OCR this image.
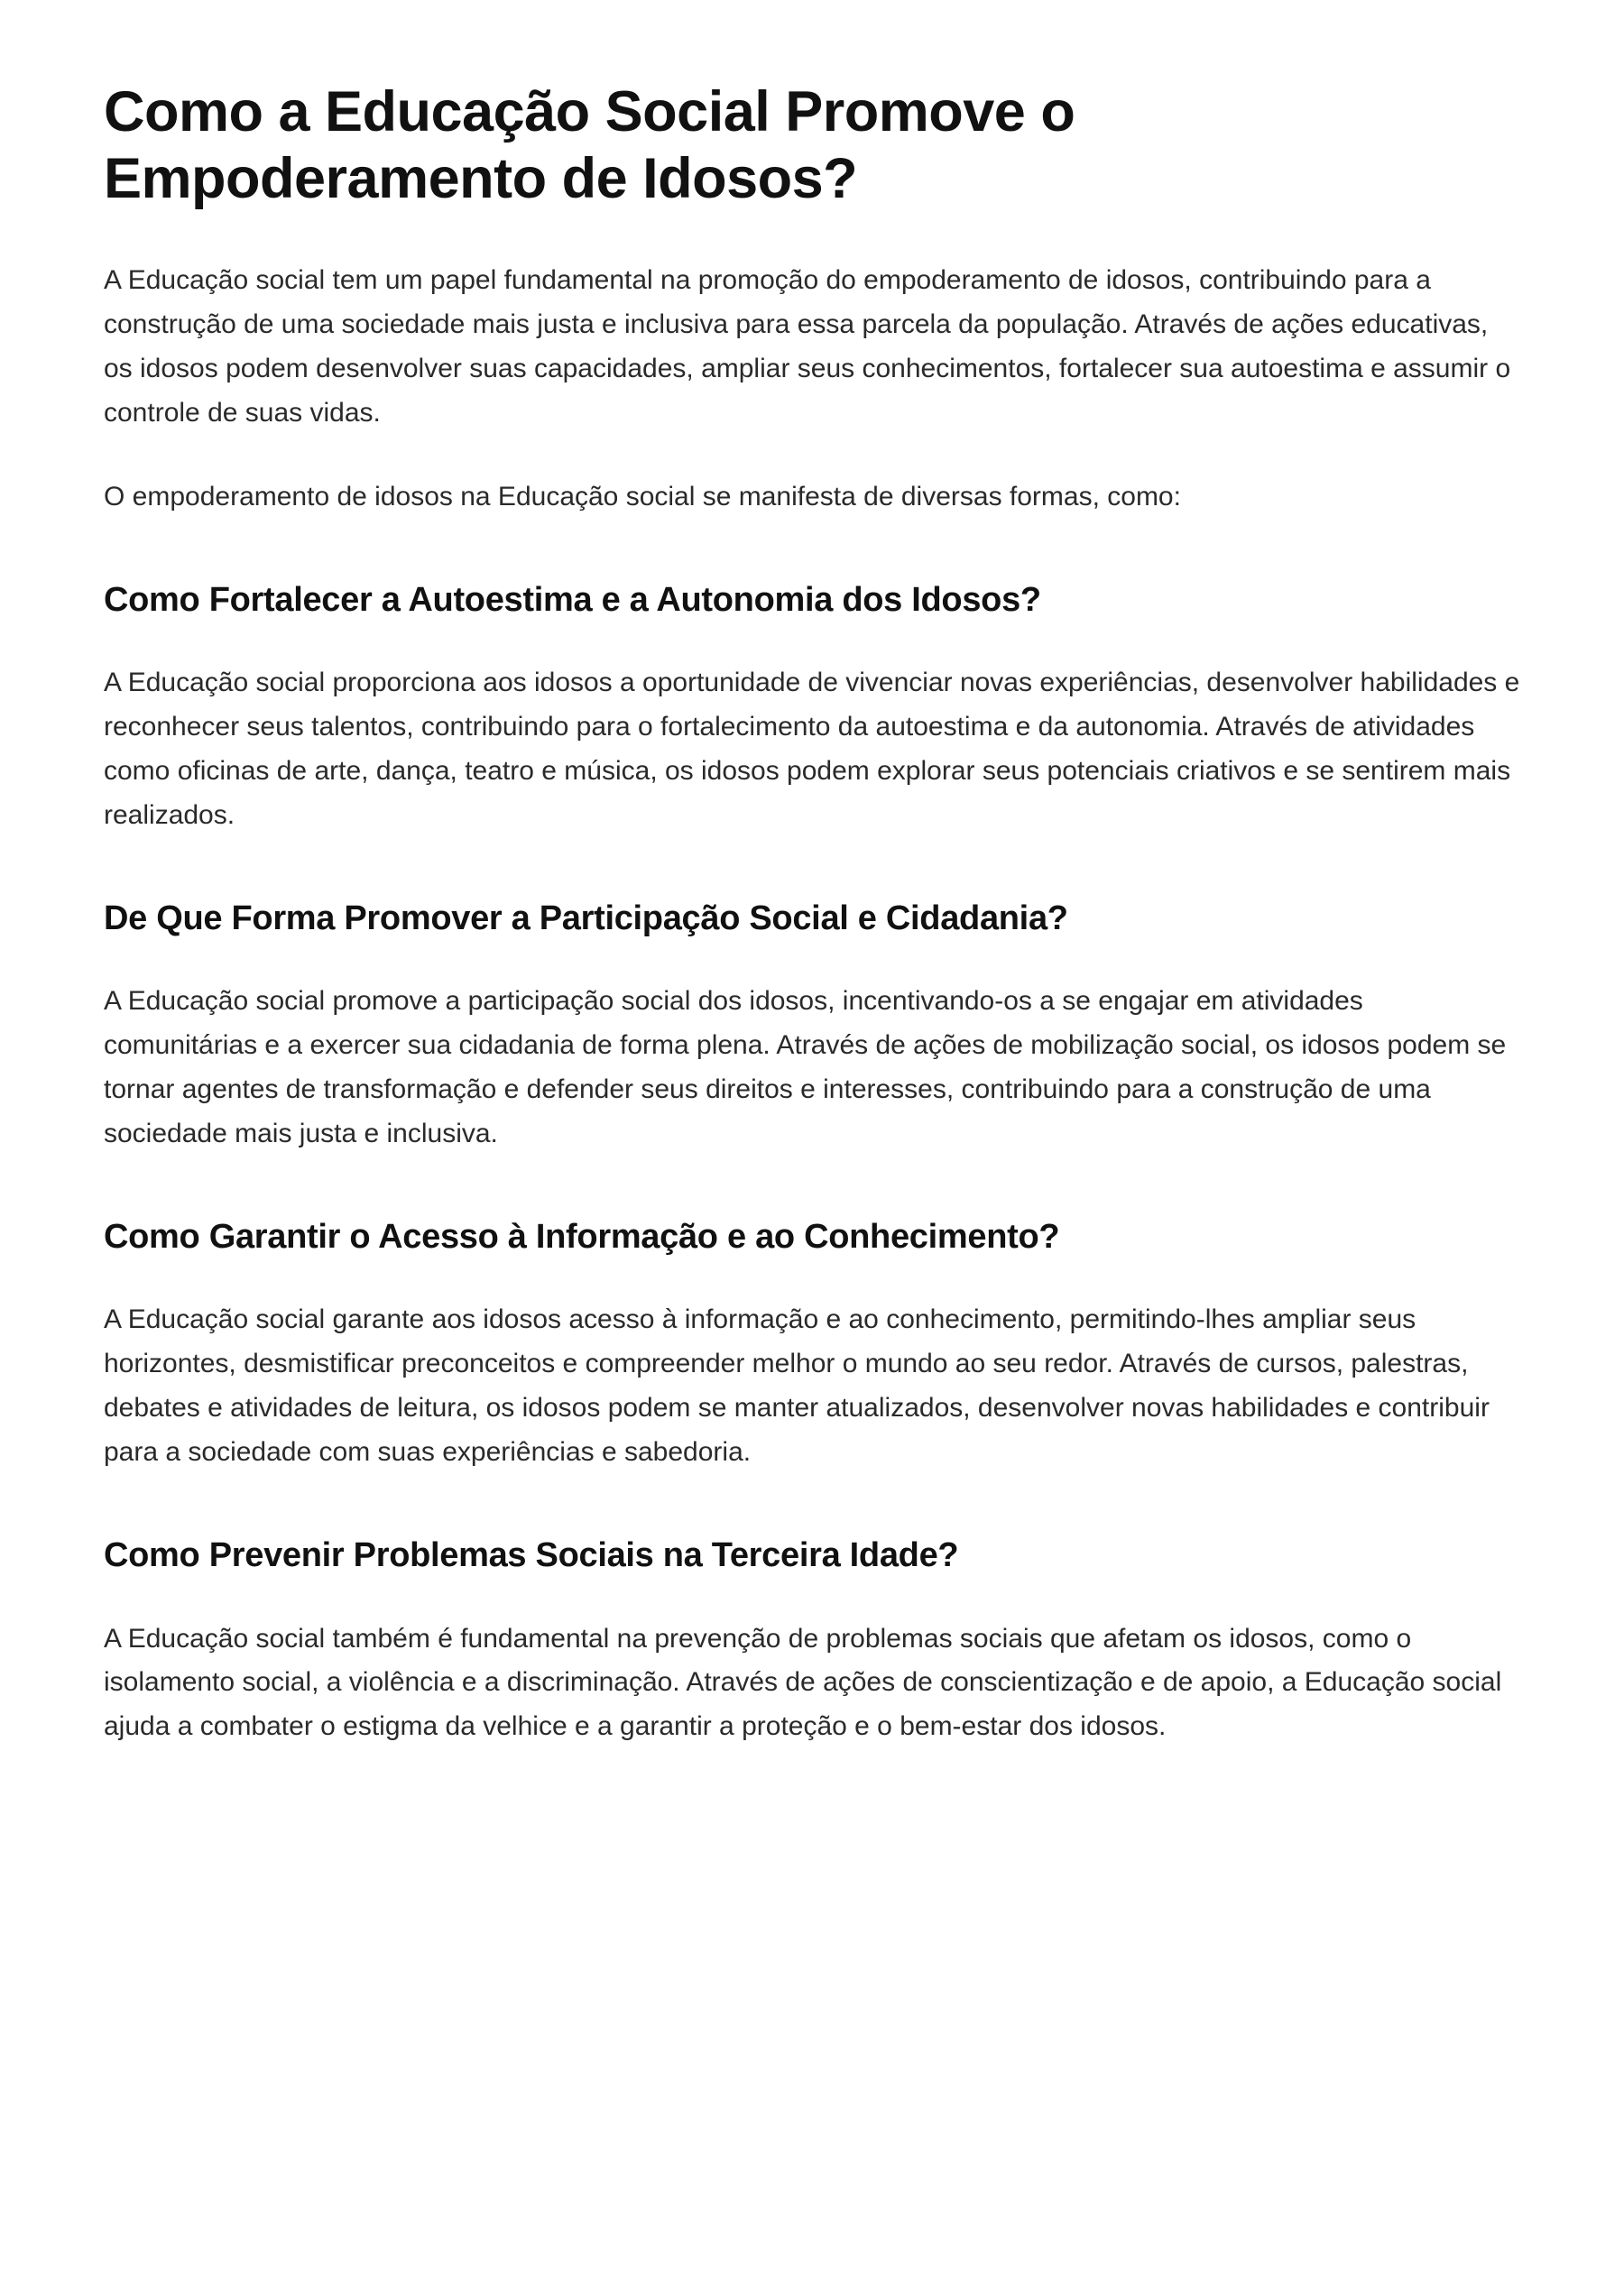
Como a Educação Social Promove o Empoderamento de Idosos?

A Educação social tem um papel fundamental na promoção do empoderamento de idosos, contribuindo para a construção de uma sociedade mais justa e inclusiva para essa parcela da população. Através de ações educativas, os idosos podem desenvolver suas capacidades, ampliar seus conhecimentos, fortalecer sua autoestima e assumir o controle de suas vidas.

O empoderamento de idosos na Educação social se manifesta de diversas formas, como:

Como Fortalecer a Autoestima e a Autonomia dos Idosos?

A Educação social proporciona aos idosos a oportunidade de vivenciar novas experiências, desenvolver habilidades e reconhecer seus talentos, contribuindo para o fortalecimento da autoestima e da autonomia. Através de atividades como oficinas de arte, dança, teatro e música, os idosos podem explorar seus potenciais criativos e se sentirem mais realizados.

De Que Forma Promover a Participação Social e Cidadania?

A Educação social promove a participação social dos idosos, incentivando-os a se engajar em atividades comunitárias e a exercer sua cidadania de forma plena. Através de ações de mobilização social, os idosos podem se tornar agentes de transformação e defender seus direitos e interesses, contribuindo para a construção de uma sociedade mais justa e inclusiva.

Como Garantir o Acesso à Informação e ao Conhecimento?

A Educação social garante aos idosos acesso à informação e ao conhecimento, permitindo-lhes ampliar seus horizontes, desmistificar preconceitos e compreender melhor o mundo ao seu redor. Através de cursos, palestras, debates e atividades de leitura, os idosos podem se manter atualizados, desenvolver novas habilidades e contribuir para a sociedade com suas experiências e sabedoria.

Como Prevenir Problemas Sociais na Terceira Idade?

A Educação social também é fundamental na prevenção de problemas sociais que afetam os idosos, como o isolamento social, a violência e a discriminação. Através de ações de conscientização e de apoio, a Educação social ajuda a combater o estigma da velhice e a garantir a proteção e o bem-estar dos idosos.
